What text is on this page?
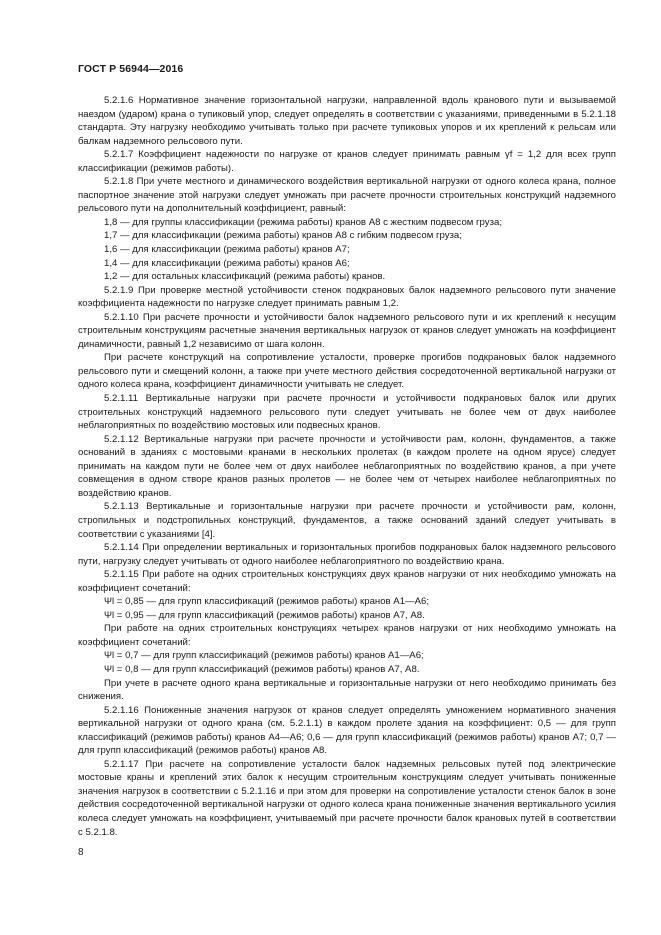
ГОСТ Р 56944—2016

5.2.1.6 Нормативное значение горизонтальной нагрузки, направленной вдоль кранового пути и вызываемой наездом (ударом) крана о тупиковый упор, следует определять в соответствии с указаниями, приведенными в 5.2.1.18 стандарта. Эту нагрузку необходимо учитывать только при расчете тупиковых упоров и их креплений к рельсам или балкам надземного рельсового пути.

5.2.1.7 Коэффициент надежности по нагрузке от кранов следует принимать равным γf = 1,2 для всех групп классификации (режимов работы).

5.2.1.8 При учете местного и динамического воздействия вертикальной нагрузки от одного колеса крана, полное паспортное значение этой нагрузки следует умножать при расчете прочности строительных конструкций надземного рельсового пути на дополнительный коэффициент, равный:

1,8 — для группы классификации (режима работы) кранов А8 с жестким подвесом груза;

1,7 — для классификации (режима работы) кранов А8 с гибким подвесом груза;

1,6 — для классификации (режима работы) кранов А7;

1,4 — для классификации (режима работы) кранов А6;

1,2 — для остальных классификаций (режима работы) кранов.

5.2.1.9 При проверке местной устойчивости стенок подкрановых балок надземного рельсового пути значение коэффициента надежности по нагрузке следует принимать равным 1,2.

5.2.1.10 При расчете прочности и устойчивости балок надземного рельсового пути и их креплений к несущим строительным конструкциям расчетные значения вертикальных нагрузок от кранов следует умножать на коэффициент динамичности, равный 1,2 независимо от шага колонн.

При расчете конструкций на сопротивление усталости, проверке прогибов подкрановых балок надземного рельсового пути и смещений колонн, а также при учете местного действия сосредоточенной вертикальной нагрузки от одного колеса крана, коэффициент динамичности учитывать не следует.

5.2.1.11 Вертикальные нагрузки при расчете прочности и устойчивости подкрановых балок или других строительных конструкций надземного рельсового пути следует учитывать не более чем от двух наиболее неблагоприятных по воздействию мостовых или подвесных кранов.

5.2.1.12 Вертикальные нагрузки при расчете прочности и устойчивости рам, колонн, фундаментов, а также оснований в зданиях с мостовыми кранами в нескольких пролетах (в каждом пролете на одном ярусе) следует принимать на каждом пути не более чем от двух наиболее неблагоприятных по воздействию кранов, а при учете совмещения в одном створе кранов разных пролетов — не более чем от четырех наиболее неблагоприятных по воздействию кранов.

5.2.1.13 Вертикальные и горизонтальные нагрузки при расчете прочности и устойчивости рам, колонн, стропильных и подстропильных конструкций, фундаментов, а также оснований зданий следует учитывать в соответствии с указаниями [4].

5.2.1.14 При определении вертикальных и горизонтальных прогибов подкрановых балок надземного рельсового пути, нагрузку следует учитывать от одного наиболее неблагоприятного по воздействию крана.

5.2.1.15 При работе на одних строительных конструкциях двух кранов нагрузки от них необходимо умножать на коэффициент сочетаний:

Ψl = 0,85 — для групп классификаций (режимов работы) кранов А1—А6;

Ψl = 0,95 — для групп классификаций (режимов работы) кранов А7, А8.

При работе на одних строительных конструкциях четырех кранов нагрузки от них необходимо умножать на коэффициент сочетаний:

Ψl = 0,7 — для групп классификаций (режимов работы) кранов А1—А6;

Ψl = 0,8 — для групп классификаций (режимов работы) кранов А7, А8.

При учете в расчете одного крана вертикальные и горизонтальные нагрузки от него необходимо принимать без снижения.

5.2.1.16 Пониженные значения нагрузок от кранов следует определять умножением нормативного значения вертикальной нагрузки от одного крана (см. 5.2.1.1) в каждом пролете здания на коэффициент: 0,5 — для групп классификаций (режимов работы) кранов А4—А6; 0,6 — для групп классификаций (режимов работы) кранов А7; 0,7 — для групп классификаций (режимов работы) кранов А8.

5.2.1.17 При расчете на сопротивление усталости балок надземных рельсовых путей под электрические мостовые краны и креплений этих балок к несущим строительным конструкциям следует учитывать пониженные значения нагрузок в соответствии с 5.2.1.16 и при этом для проверки на сопротивление усталости стенок балок в зоне действия сосредоточенной вертикальной нагрузки от одного колеса крана пониженные значения вертикального усилия колеса следует умножать на коэффициент, учитываемый при расчете прочности балок крановых путей в соответствии с 5.2.1.8.

8
